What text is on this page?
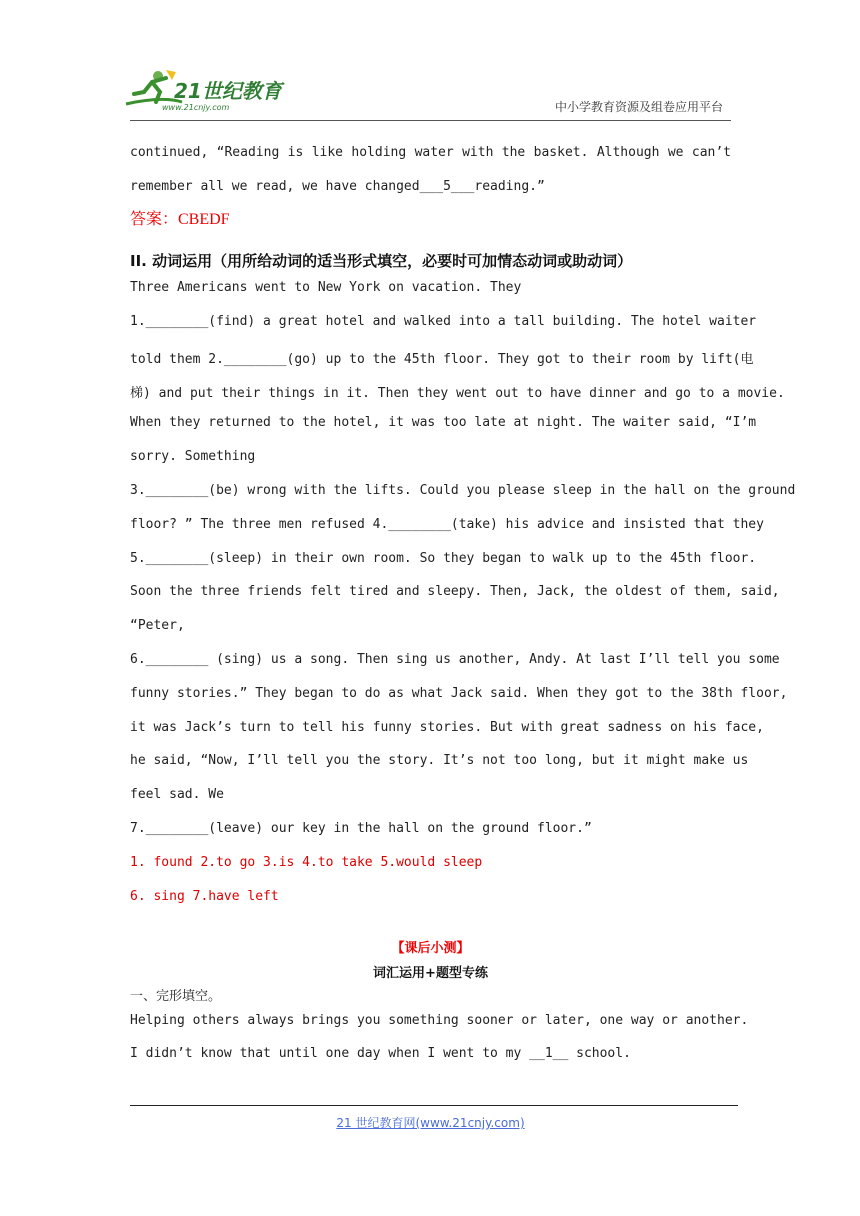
21世纪教育
www.21cnjy.com	中小学教育资源及组卷应用平台
continued, “Reading is like holding water with the basket. Although we can’t
remember all we read, we have changed___5___reading.”
答案：CBEDF
II. 动词运用（用所给动词的适当形式填空，必要时可加情态动词或助动词）
Three Americans went to New York on vacation. They
1.________(find) a great hotel and walked into a tall building. The hotel waiter
told them 2.________(go) up to the 45th floor. They got to their room by lift(电
梯) and put their things in it. Then they went out to have dinner and go to a movie.
When they returned to the hotel, it was too late at night. The waiter said, “I’m
sorry. Something
3.________(be) wrong with the lifts. Could you please sleep in the hall on the ground
floor? ” The three men refused 4.________(take) his advice and insisted that they
5.________(sleep) in their own room. So they began to walk up to the 45th floor.
Soon the three friends felt tired and sleepy. Then, Jack, the oldest of them, said,
“Peter,
6.________ (sing) us a song. Then sing us another, Andy. At last I’ll tell you some
funny stories.” They began to do as what Jack said. When they got to the 38th floor,
it was Jack’s turn to tell his funny stories. But with great sadness on his face,
he said, “Now, I’ll tell you the story. It’s not too long, but it might make us
feel sad. We
7.________(leave) our key in the hall on the ground floor.”
1. found 2.to go 3.is 4.to take 5.would sleep
6. sing 7.have left
【课后小测】
词汇运用+题型专练
一、完形填空。
Helping others always brings you something sooner or later, one way or another.
I didn’t know that until one day when I went to my __1__ school.
21 世纪教育网(www.21cnjy.com)
